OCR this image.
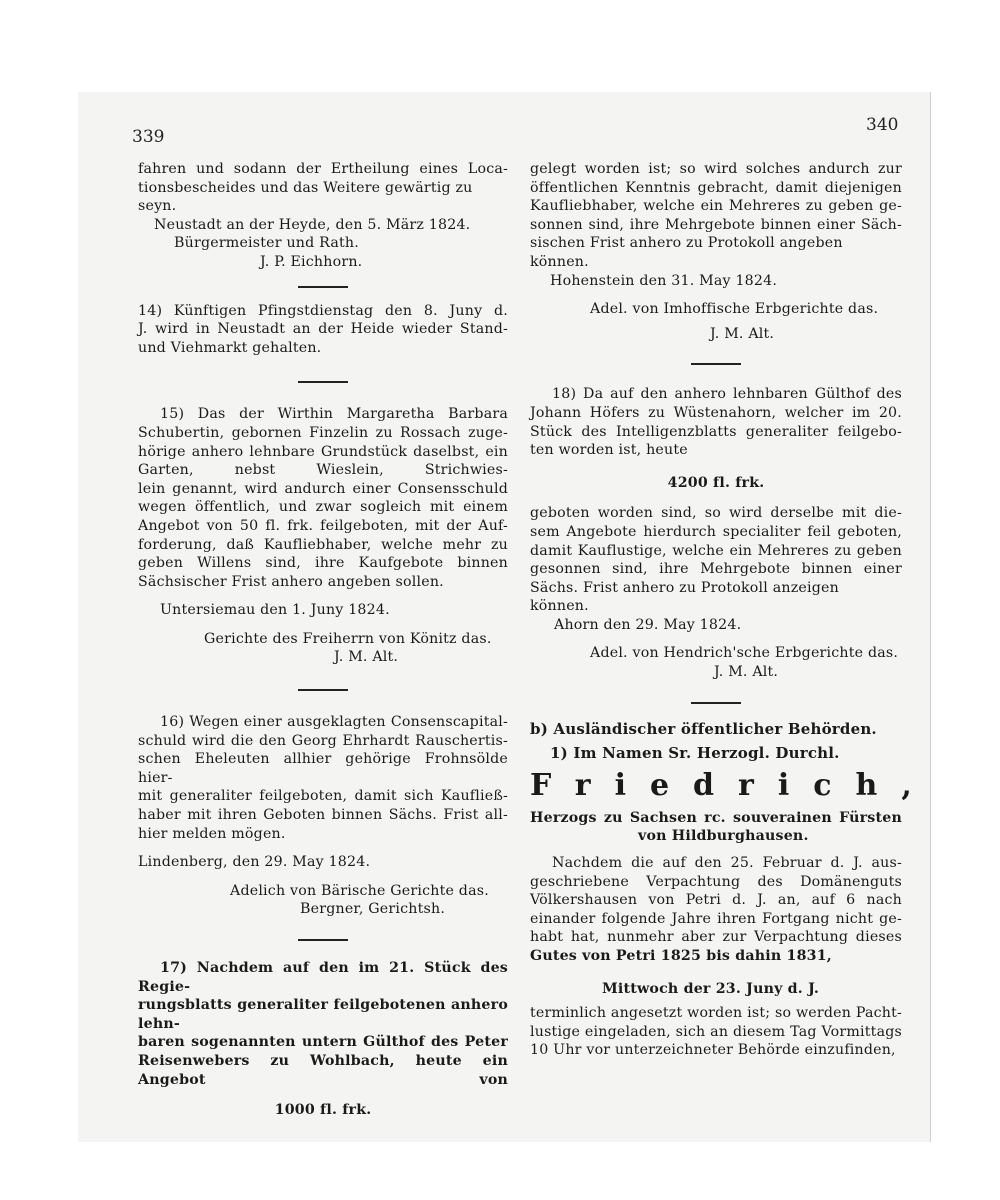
339
340
fahren und sodann der Ertheilung eines Loca-
tionsbescheides und das Weitere gewärtig zu seyn.
Neustadt an der Heyde, den 5. März 1824.
Bürgermeister und Rath.
J. P. Eichhorn.
14) Künftigen Pfingstdienstag den 8. Juny d.
J. wird in Neustadt an der Heide wieder Stand-
und Viehmarkt gehalten.
15) Das der Wirthin Margaretha Barbara
Schubertin, gebornen Finzelin zu Rossach zuge-
hörige anhero lehnbare Grundstück daselbst, ein
Garten, nebst Wieslein, Strichwies-
lein genannt, wird andurch einer Consensschuld
wegen öffentlich, und zwar sogleich mit einem
Angebot von 50 fl. frk. feilgeboten, mit der Auf-
forderung, daß Kaufliebhaber, welche mehr zu
geben Willens sind, ihre Kaufgebote binnen
Sächsischer Frist anhero angeben sollen.
Untersiemau den 1. Juny 1824.
Gerichte des Freiherrn von Könitz das.
J. M. Alt.
16) Wegen einer ausgeklagten Consenscapital-
schuld wird die den Georg Ehrhardt Rauschertis-
schen Eheleuten allhier gehörige Frohnsölde hier-
mit generaliter feilgeboten, damit sich Kaufließ-
haber mit ihren Geboten binnen Sächs. Frist all-
hier melden mögen.
Lindenberg, den 29. May 1824.
Adelich von Bärische Gerichte das.
Bergner, Gerichtsh.
17) Nachdem auf den im 21. Stück des Regie-
rungsblatts generaliter feilgebotenen anhero lehn-
baren sogenannten untern Gülthof des Peter
Reisenwebers zu Wohlbach, heute ein Angebot von
1000 fl. frk.
gelegt worden ist; so wird solches andurch zur
öffentlichen Kenntnis gebracht, damit diejenigen
Kaufliebhaber, welche ein Mehreres zu geben ge-
sonnen sind, ihre Mehrgebote binnen einer Säch-
sischen Frist anhero zu Protokoll angeben können.
Hohenstein den 31. May 1824.
Adel. von Imhoffische Erbgerichte das.
J. M. Alt.
18) Da auf den anhero lehnbaren Gülthof des
Johann Höfers zu Wüstenahorn, welcher im 20.
Stück des Intelligenzblatts generaliter feilgebo-
ten worden ist, heute
4200 fl. frk.
geboten worden sind, so wird derselbe mit die-
sem Angebote hierdurch specialiter feil geboten,
damit Kauflustige, welche ein Mehreres zu geben
gesonnen sind, ihre Mehrgebote binnen einer
Sächs. Frist anhero zu Protokoll anzeigen können.
Ahorn den 29. May 1824.
Adel. von Hendrich'sche Erbgerichte das.
J. M. Alt.
b) Ausländischer öffentlicher Behörden.
1) Im Namen Sr. Herzogl. Durchl.
Friedrich,
Herzogs zu Sachsen rc. souverainen Fürsten
von Hildburghausen.
Nachdem die auf den 25. Februar d. J. aus-
geschriebene Verpachtung des Domänenguts
Völkershausen von Petri d. J. an, auf 6 nach
einander folgende Jahre ihren Fortgang nicht ge-
habt hat, nunmehr aber zur Verpachtung dieses
Gutes von Petri 1825 bis dahin 1831,
Mittwoch der 23. Juny d. J.
terminlich angesetzt worden ist; so werden Pacht-
lustige eingeladen, sich an diesem Tag Vormittags
10 Uhr vor unterzeichneter Behörde einzufinden,
